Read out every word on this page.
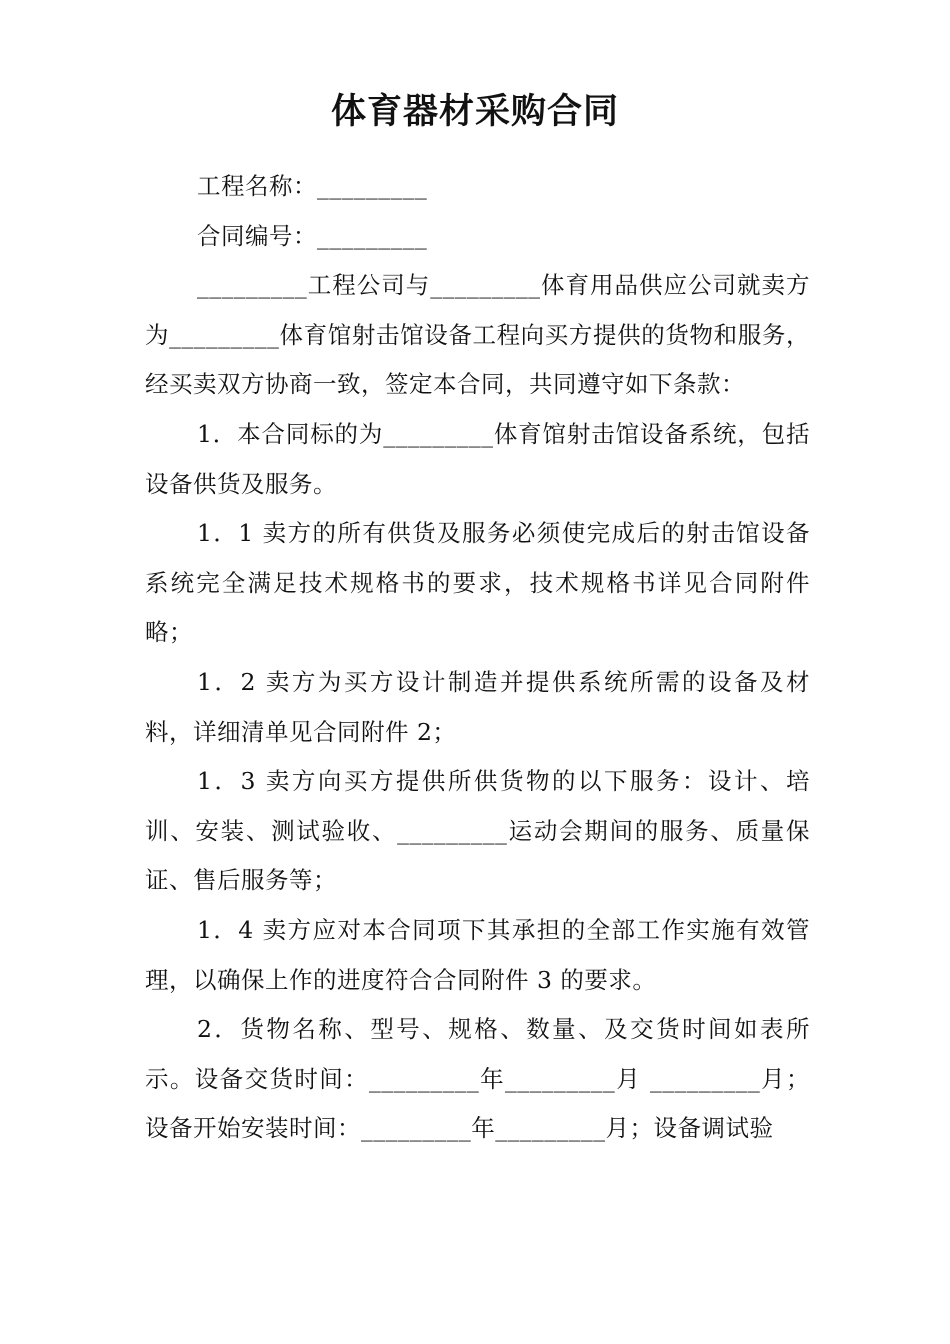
体育器材采购合同

工程名称：_________

合同编号：_________

_________工程公司与_________体育用品供应公司就卖方为_________体育馆射击馆设备工程向买方提供的货物和服务，经买卖双方协商一致，签定本合同，共同遵守如下条款：

1．本合同标的为_________体育馆射击馆设备系统，包括设备供货及服务。

1．1 卖方的所有供货及服务必须使完成后的射击馆设备系统完全满足技术规格书的要求，技术规格书详见合同附件略；

1．2 卖方为买方设计制造并提供系统所需的设备及材料，详细清单见合同附件 2；

1．3 卖方向买方提供所供货物的以下服务：设计、培训、安装、测试验收、_________运动会期间的服务、质量保证、售后服务等；

1．4 卖方应对本合同项下其承担的全部工作实施有效管理，以确保上作的进度符合合同附件 3 的要求。

2．货物名称、型号、规格、数量、及交货时间如表所示。设备交货时间：_________年_________月 _________月；设备开始安装时间：_________年_________月；设备调试验
